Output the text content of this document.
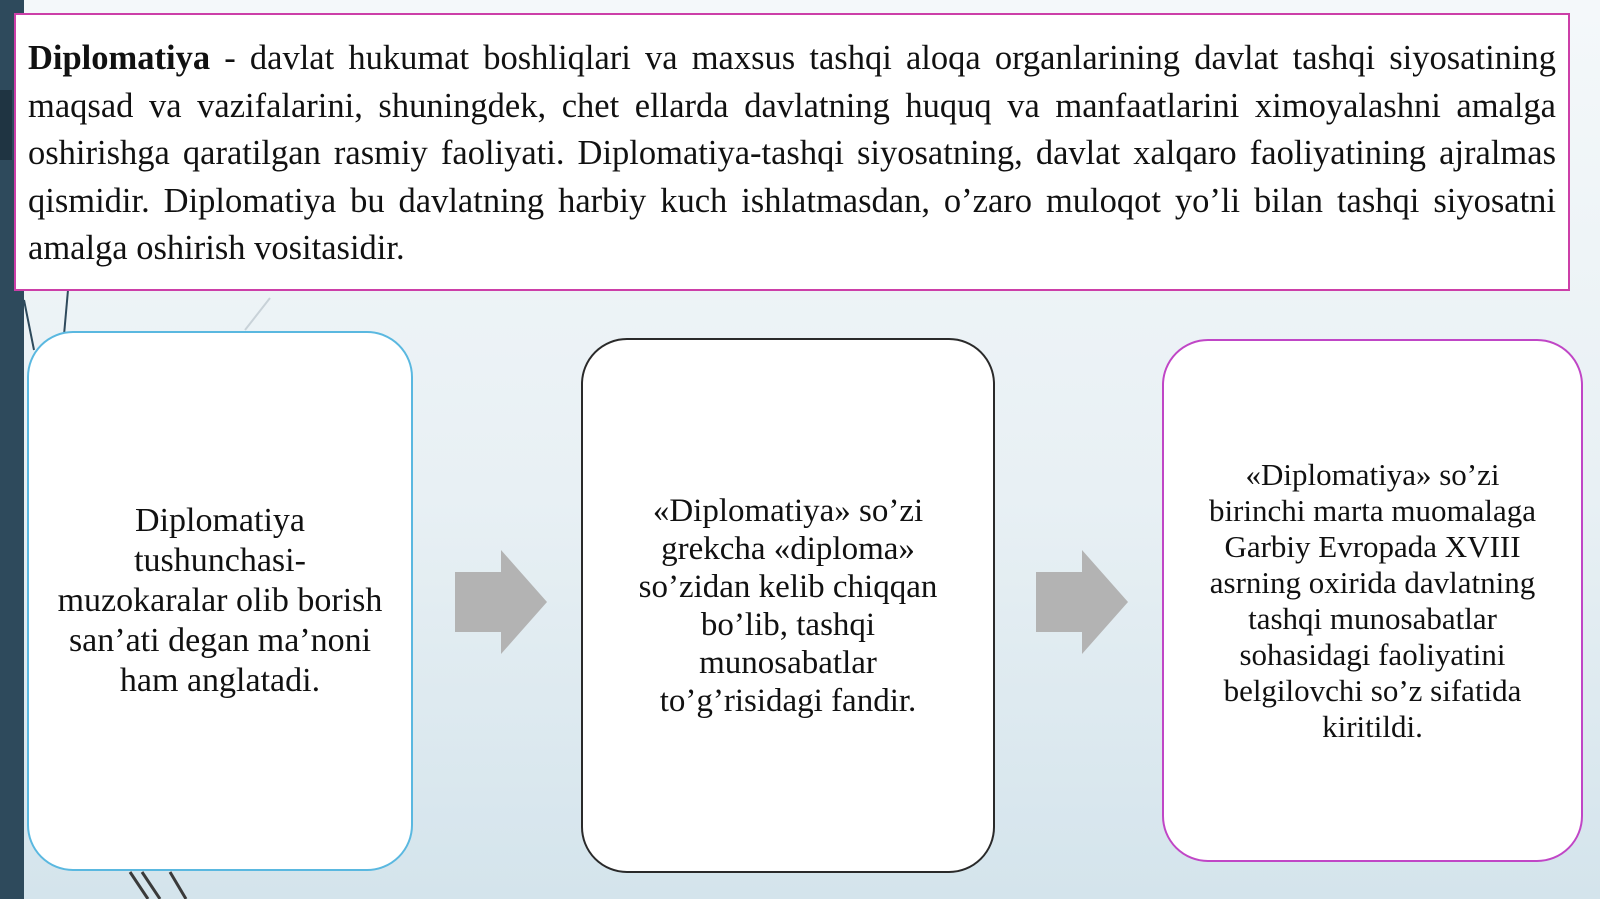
Diplomatiya - davlat hukumat boshliqlari va maxsus tashqi aloqa organlarining davlat tashqi siyosatining maqsad va vazifalarini, shuningdek, chet ellarda davlatning huquq va manfaatlarini ximoyalashni amalga oshirishga qaratilgan rasmiy faoliyati. Diplomatiya-tashqi siyosatning, davlat xalqaro faoliyatining ajralmas qismidir. Diplomatiya bu davlatning harbiy kuch ishlatmasdan, o’zaro muloqot yo’li bilan tashqi siyosatni amalga oshirish vositasidir.

Diplomatiya tushunchasi- muzokaralar olib borish san’ati degan ma’noni ham anglatadi.
«Diplomatiya» so’zi grekcha «diploma» so’zidan kelib chiqqan bo’lib, tashqi munosabatlar to’g’risidagi fandir.
«Diplomatiya» so’zi birinchi marta muomalaga Garbiy Evropada XVIII asrning oxirida davlatning tashqi munosabatlar sohasidagi faoliyatini belgilovchi so’z sifatida kiritildi.
